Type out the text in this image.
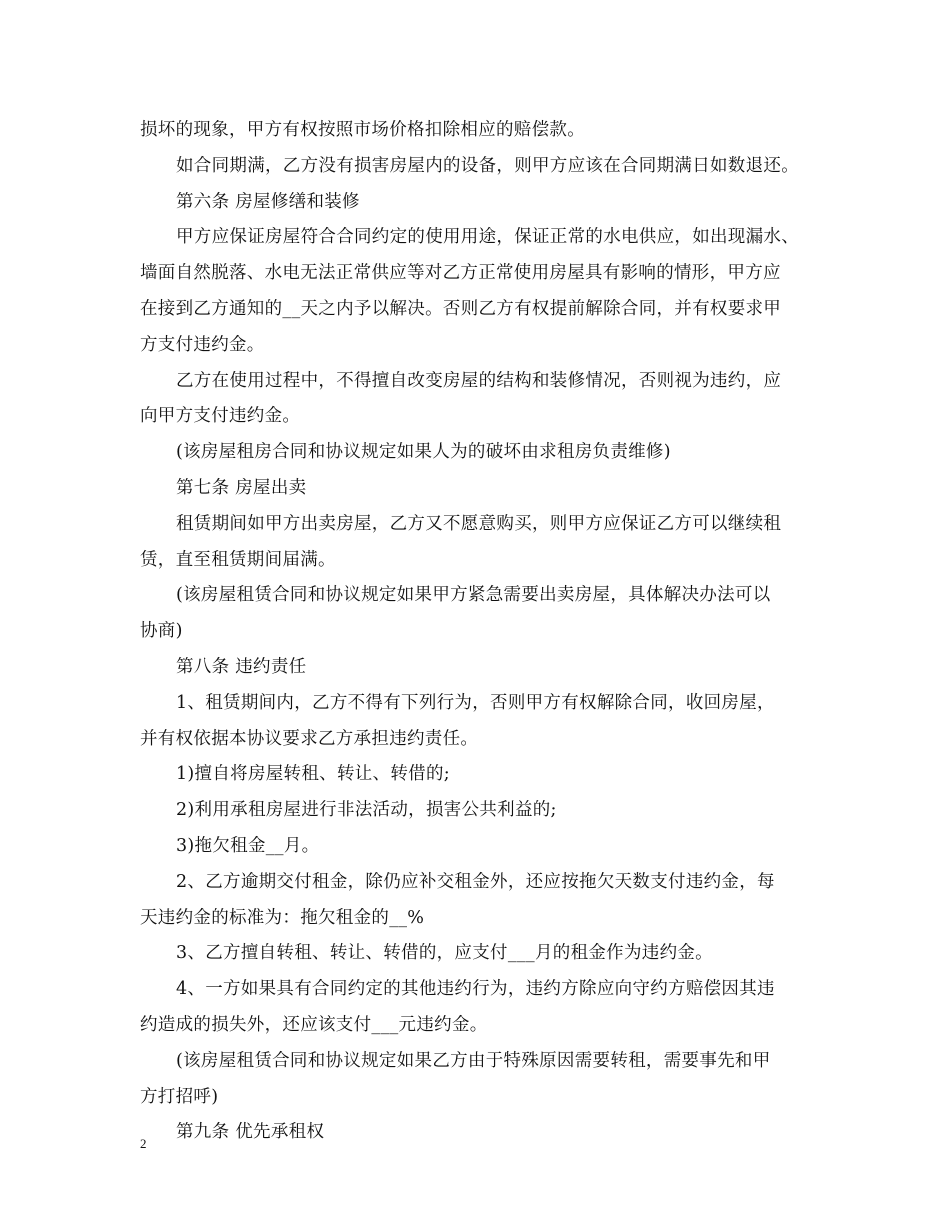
损坏的现象，甲方有权按照市场价格扣除相应的赔偿款。
如合同期满，乙方没有损害房屋内的设备，则甲方应该在合同期满日如数退还。
第六条 房屋修缮和装修
甲方应保证房屋符合合同约定的使用用途，保证正常的水电供应，如出现漏水、
墙面自然脱落、水电无法正常供应等对乙方正常使用房屋具有影响的情形，甲方应
在接到乙方通知的__天之内予以解决。否则乙方有权提前解除合同，并有权要求甲
方支付违约金。
乙方在使用过程中，不得擅自改变房屋的结构和装修情况，否则视为违约，应
向甲方支付违约金。
(该房屋租房合同和协议规定如果人为的破坏由求租房负责维修)
第七条 房屋出卖
租赁期间如甲方出卖房屋，乙方又不愿意购买，则甲方应保证乙方可以继续租
赁，直至租赁期间届满。
(该房屋租赁合同和协议规定如果甲方紧急需要出卖房屋，具体解决办法可以
协商)
第八条 违约责任
1、租赁期间内，乙方不得有下列行为，否则甲方有权解除合同，收回房屋，
并有权依据本协议要求乙方承担违约责任。
1)擅自将房屋转租、转让、转借的;
2)利用承租房屋进行非法活动，损害公共利益的;
3)拖欠租金__月。
2、乙方逾期交付租金，除仍应补交租金外，还应按拖欠天数支付违约金，每
天违约金的标准为：拖欠租金的__%
3、乙方擅自转租、转让、转借的，应支付___月的租金作为违约金。
4、一方如果具有合同约定的其他违约行为，违约方除应向守约方赔偿因其违
约造成的损失外，还应该支付___元违约金。
(该房屋租赁合同和协议规定如果乙方由于特殊原因需要转租，需要事先和甲
方打招呼)
第九条 优先承租权
2
